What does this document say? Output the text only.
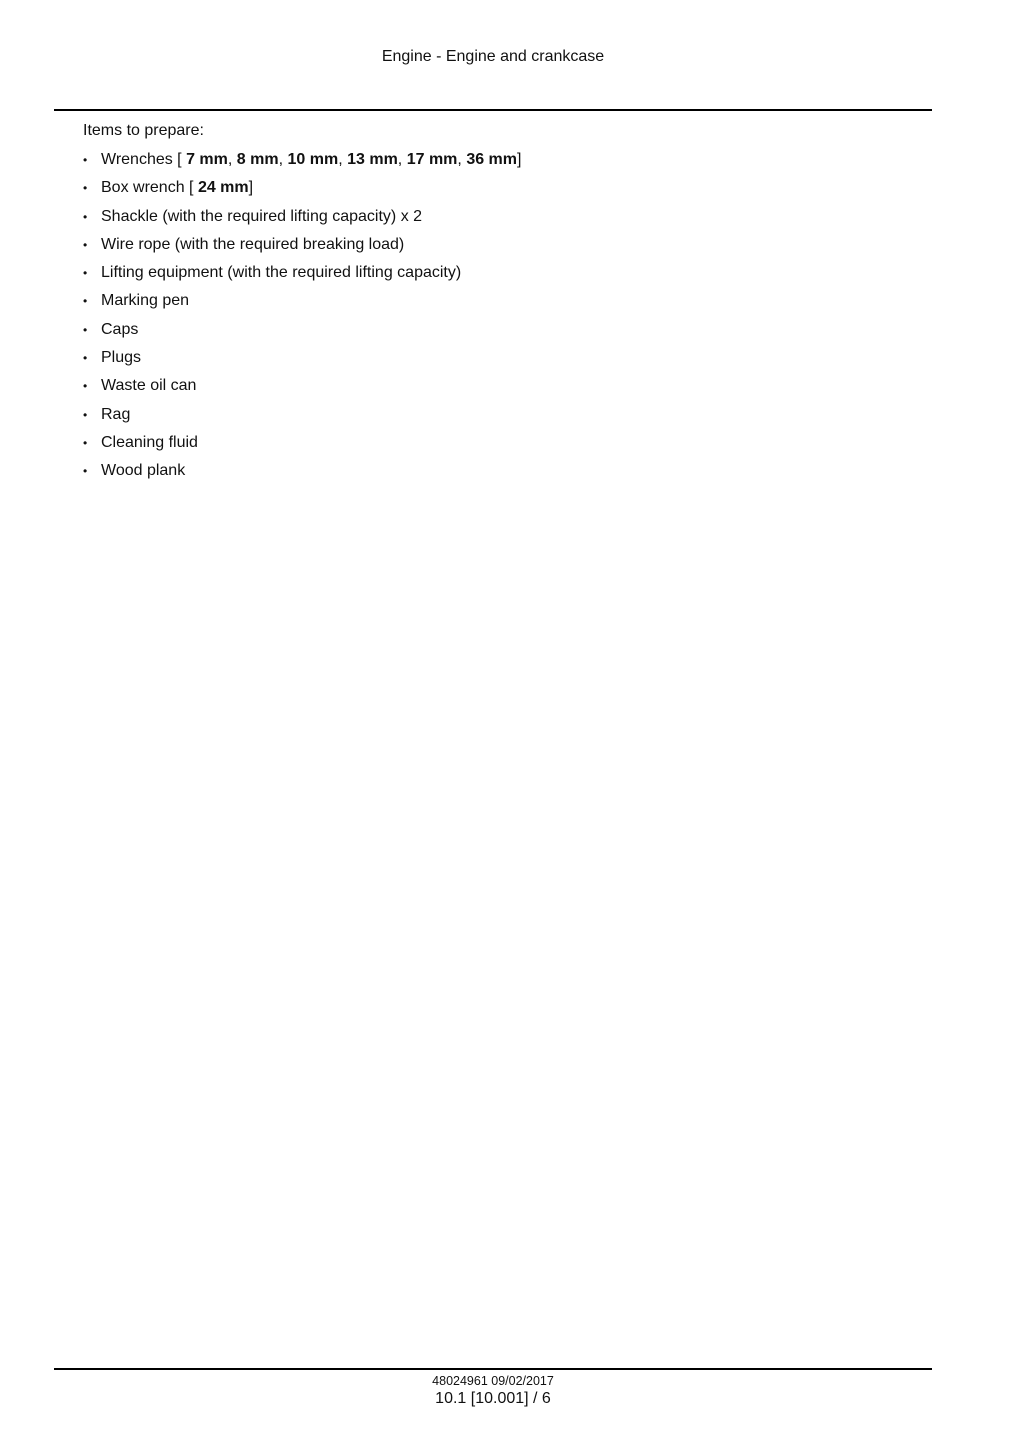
Engine - Engine and crankcase

Items to prepare:

• Wrenches [ 7 mm, 8 mm, 10 mm, 13 mm, 17 mm, 36 mm]
• Box wrench [ 24 mm]
• Shackle (with the required lifting capacity) x 2
• Wire rope (with the required breaking load)
• Lifting equipment (with the required lifting capacity)
• Marking pen
• Caps
• Plugs
• Waste oil can
• Rag
• Cleaning fluid
• Wood plank
48024961 09/02/2017
10.1 [10.001] / 6
